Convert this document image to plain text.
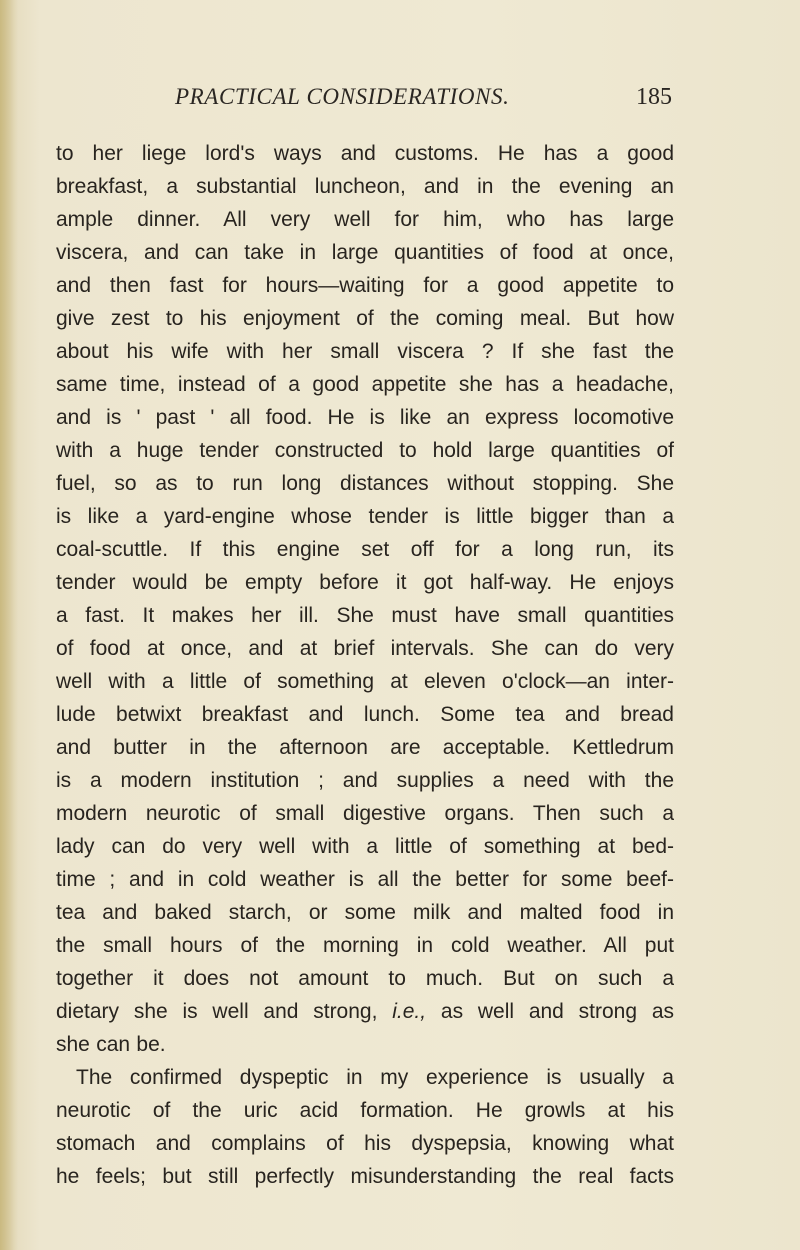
PRACTICAL CONSIDERATIONS.	185
to her liege lord's ways and customs. He has a good
breakfast, a substantial luncheon, and in the evening an
ample dinner. All very well for him, who has large
viscera, and can take in large quantities of food at once,
and then fast for hours—waiting for a good appetite to
give zest to his enjoyment of the coming meal. But how
about his wife with her small viscera ? If she fast the
same time, instead of a good appetite she has a headache,
and is ' past ' all food. He is like an express locomotive
with a huge tender constructed to hold large quantities of
fuel, so as to run long distances without stopping. She
is like a yard-engine whose tender is little bigger than a
coal-scuttle. If this engine set off for a long run, its
tender would be empty before it got half-way. He enjoys
a fast. It makes her ill. She must have small quantities
of food at once, and at brief intervals. She can do very
well with a little of something at eleven o'clock—an inter-
lude betwixt breakfast and lunch. Some tea and bread
and butter in the afternoon are acceptable. Kettledrum
is a modern institution ; and supplies a need with the
modern neurotic of small digestive organs. Then such a
lady can do very well with a little of something at bed-
time ; and in cold weather is all the better for some beef-
tea and baked starch, or some milk and malted food in
the small hours of the morning in cold weather. All put
together it does not amount to much. But on such a
dietary she is well and strong, i.e., as well and strong as
she can be.
The confirmed dyspeptic in my experience is usually a
neurotic of the uric acid formation. He growls at his
stomach and complains of his dyspepsia, knowing what
he feels; but still perfectly misunderstanding the real facts
